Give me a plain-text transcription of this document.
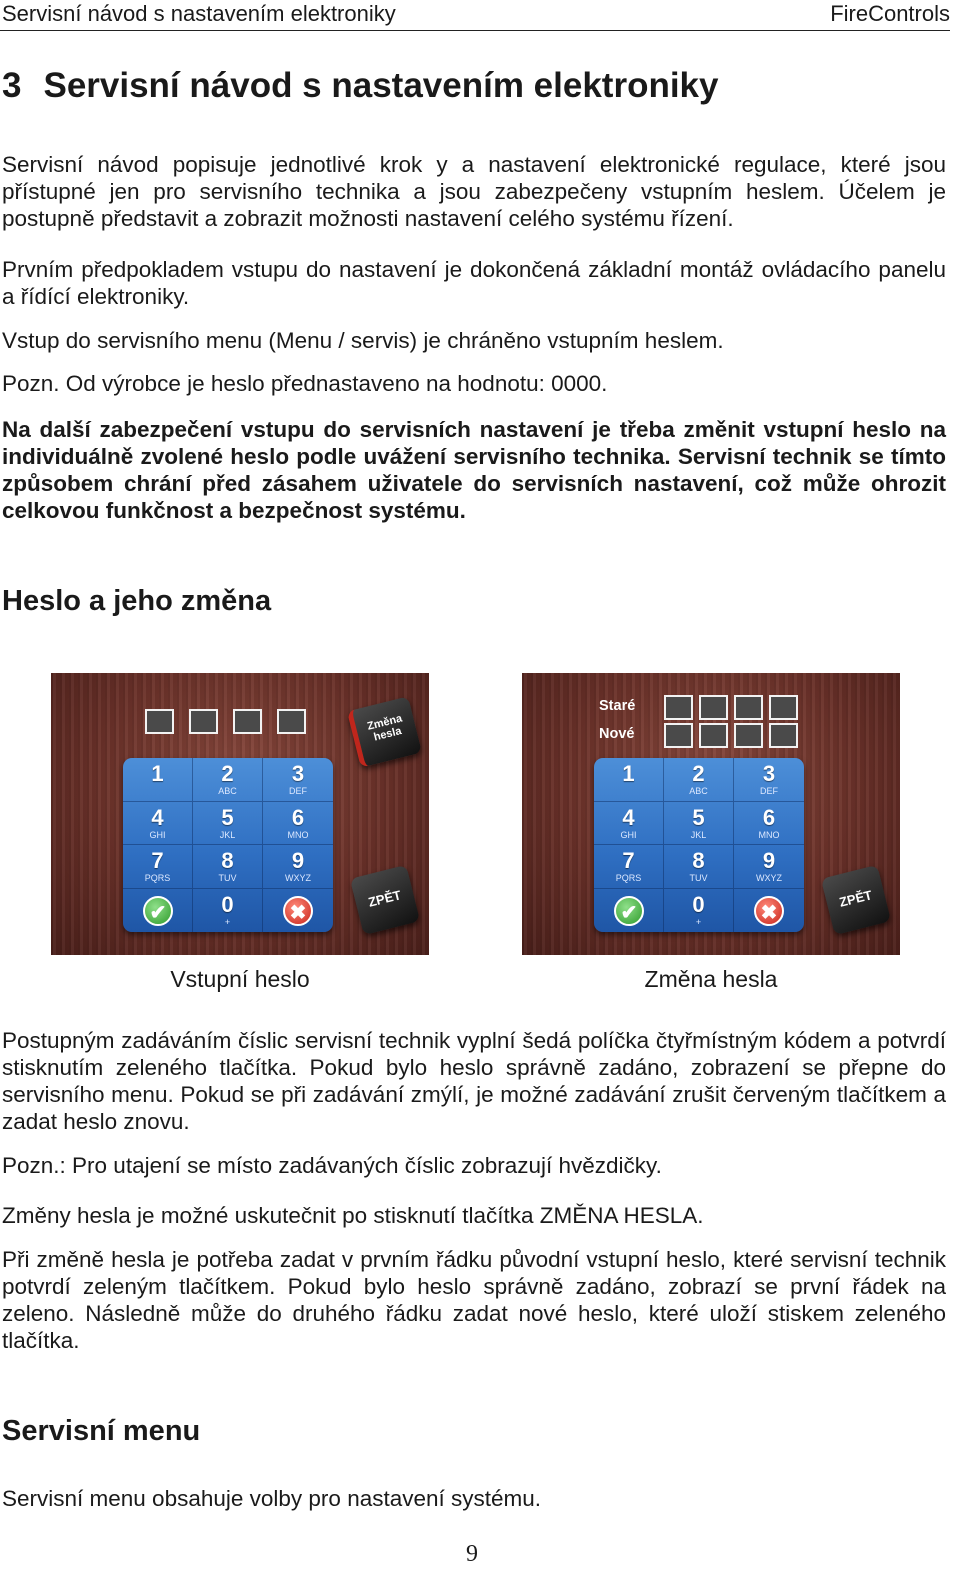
Servisní návod s nastavením elektroniky	FireControls
3 Servisní návod s nastavením elektroniky

Servisní návod popisuje jednotlivé krok y a nastavení elektronické regulace, které jsou přístupné jen pro servisního technika a jsou zabezpečeny vstupním heslem. Účelem je postupně představit a zobrazit možnosti nastavení celého systému řízení.

Prvním předpokladem vstupu do nastavení je dokončená základní montáž ovládacího panelu a řídící elektroniky.

Vstup do servisního menu (Menu / servis) je chráněno vstupním heslem.

Pozn. Od výrobce je heslo přednastaveno na hodnotu: 0000.

Na další zabezpečení vstupu do servisních nastavení je třeba změnit vstupní heslo na individuálně zvolené heslo podle uvážení servisního technika. Servisní technik se tímto způsobem chrání před zásahem uživatele do servisních nastavení, což může ohrozit celkovou funkčnost a bezpečnost systému.

Heslo a jeho změna
Změna hesla
1	2
ABC
3
DEF
4
GHI
5
JKL
6
MNO
7
PQRS
8
TUV
9
WXYZ
✔	0
+	✖
ZPĚT
Vstupní heslo
Staré
Nové
1	2
ABC
3
DEF
4
GHI
5
JKL
6
MNO
7
PQRS
8
TUV
9
WXYZ
✔	0
+	✖
ZPĚT
Změna hesla

Postupným zadáváním číslic servisní technik vyplní šedá políčka čtyřmístným kódem a potvrdí stisknutím zeleného tlačítka. Pokud bylo heslo správně zadáno, zobrazení se přepne do servisního menu. Pokud se při zadávání zmýlí, je možné zadávání zrušit červeným tlačítkem a zadat heslo znovu.

Pozn.: Pro utajení se místo zadávaných číslic zobrazují hvězdičky.

Změny hesla je možné uskutečnit po stisknutí tlačítka ZMĚNA HESLA.

Při změně hesla je potřeba zadat v prvním řádku původní vstupní heslo, které servisní technik potvrdí zeleným tlačítkem. Pokud bylo heslo správně zadáno, zobrazí se první řádek na zeleno. Následně může do druhého řádku zadat nové heslo, které uloží stiskem zeleného tlačítka.

Servisní menu

Servisní menu obsahuje volby pro nastavení systému.

9
